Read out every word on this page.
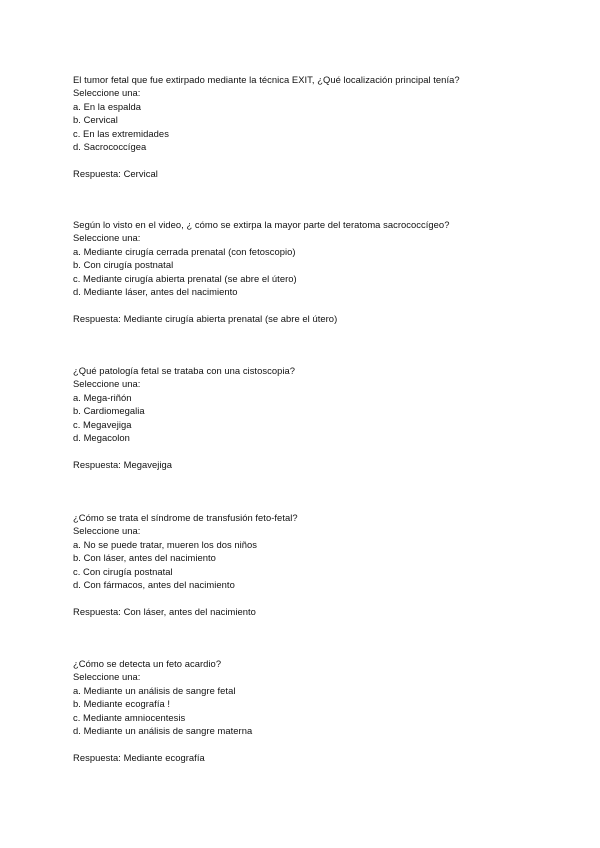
El tumor fetal que fue extirpado mediante la técnica EXIT, ¿Qué localización principal tenía?
Seleccione una:
a. En la espalda
b. Cervical
c. En las extremidades
d. Sacrococcígea
Respuesta: Cervical
Según lo visto en el video, ¿ cómo se extirpa la mayor parte del teratoma sacrococcígeo?
Seleccione una:
a. Mediante cirugía cerrada prenatal (con fetoscopio)
b. Con cirugía postnatal
c. Mediante cirugía abierta prenatal (se abre el útero)
d. Mediante láser, antes del nacimiento
Respuesta: Mediante cirugía abierta prenatal (se abre el útero)
¿Qué patología fetal se trataba con una cistoscopia?
Seleccione una:
a. Mega-riñón
b. Cardiomegalia
c. Megavejiga
d. Megacolon
Respuesta: Megavejiga
¿Cómo se trata el síndrome de transfusión feto-fetal?
Seleccione una:
a. No se puede tratar, mueren los dos niños
b. Con láser, antes del nacimiento
c. Con cirugía postnatal
d. Con fármacos, antes del nacimiento
Respuesta: Con láser, antes del nacimiento
¿Cómo se detecta un feto acardio?
Seleccione una:
a. Mediante un análisis de sangre fetal
b. Mediante ecografía !
c. Mediante amniocentesis
d. Mediante un análisis de sangre materna
Respuesta: Mediante ecografía
